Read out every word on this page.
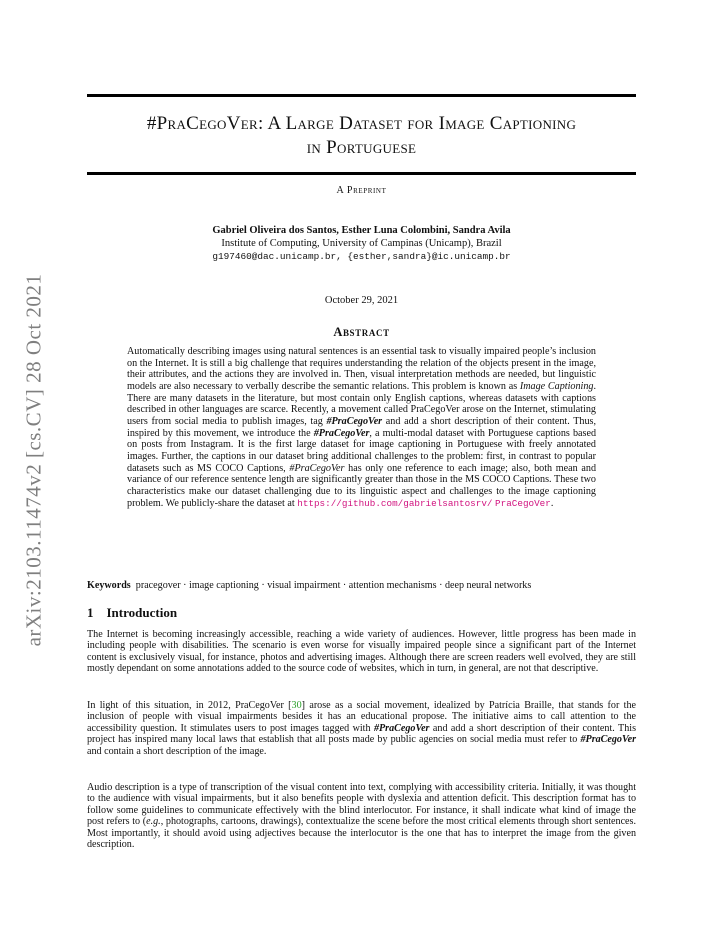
arXiv:2103.11474v2 [cs.CV] 28 Oct 2021
#PraCegoVer: A Large Dataset for Image Captioning
in Portuguese
A Preprint
Gabriel Oliveira dos Santos, Esther Luna Colombini, Sandra Avila
Institute of Computing, University of Campinas (Unicamp), Brazil
g197460@dac.unicamp.br, {esther,sandra}@ic.unicamp.br
October 29, 2021
Abstract
Automatically describing images using natural sentences is an essential task to visually impaired people’s inclusion on the Internet. It is still a big challenge that requires understanding the relation of the objects present in the image, their attributes, and the actions they are involved in. Then, visual interpretation methods are needed, but linguistic models are also necessary to verbally describe the semantic relations. This problem is known as Image Captioning. There are many datasets in the literature, but most contain only English captions, whereas datasets with captions described in other languages are scarce. Recently, a movement called PraCegoVer arose on the Internet, stimulating users from social media to publish images, tag #PraCegoVer and add a short description of their content. Thus, inspired by this movement, we introduce the #PraCegoVer, a multi-modal dataset with Portuguese captions based on posts from Instagram. It is the first large dataset for image captioning in Portuguese with freely annotated images. Further, the captions in our dataset bring additional challenges to the problem: first, in contrast to popular datasets such as MS COCO Captions, #PraCegoVer has only one reference to each image; also, both mean and variance of our reference sentence length are significantly greater than those in the MS COCO Captions. These two characteristics make our dataset challenging due to its linguistic aspect and challenges to the image captioning problem. We publicly-share the dataset at https://github.com/gabrielsantosrv/ PraCegoVer.
Keywords pracegover · image captioning · visual impairment · attention mechanisms · deep neural networks
1 Introduction
The Internet is becoming increasingly accessible, reaching a wide variety of audiences. However, little progress has been made in including people with disabilities. The scenario is even worse for visually impaired people since a significant part of the Internet content is exclusively visual, for instance, photos and advertising images. Although there are screen readers well evolved, they are still mostly dependant on some annotations added to the source code of websites, which in turn, in general, are not that descriptive.
In light of this situation, in 2012, PraCegoVer [30] arose as a social movement, idealized by Patrícia Braille, that stands for the inclusion of people with visual impairments besides it has an educational propose. The initiative aims to call attention to the accessibility question. It stimulates users to post images tagged with #PraCegoVer and add a short description of their content. This project has inspired many local laws that establish that all posts made by public agencies on social media must refer to #PraCegoVer and contain a short description of the image.
Audio description is a type of transcription of the visual content into text, complying with accessibility criteria. Initially, it was thought to the audience with visual impairments, but it also benefits people with dyslexia and attention deficit. This description format has to follow some guidelines to communicate effectively with the blind interlocutor. For instance, it shall indicate what kind of image the post refers to (e.g., photographs, cartoons, drawings), contextualize the scene before the most critical elements through short sentences. Most importantly, it should avoid using adjectives because the interlocutor is the one that has to interpret the image from the given description.
